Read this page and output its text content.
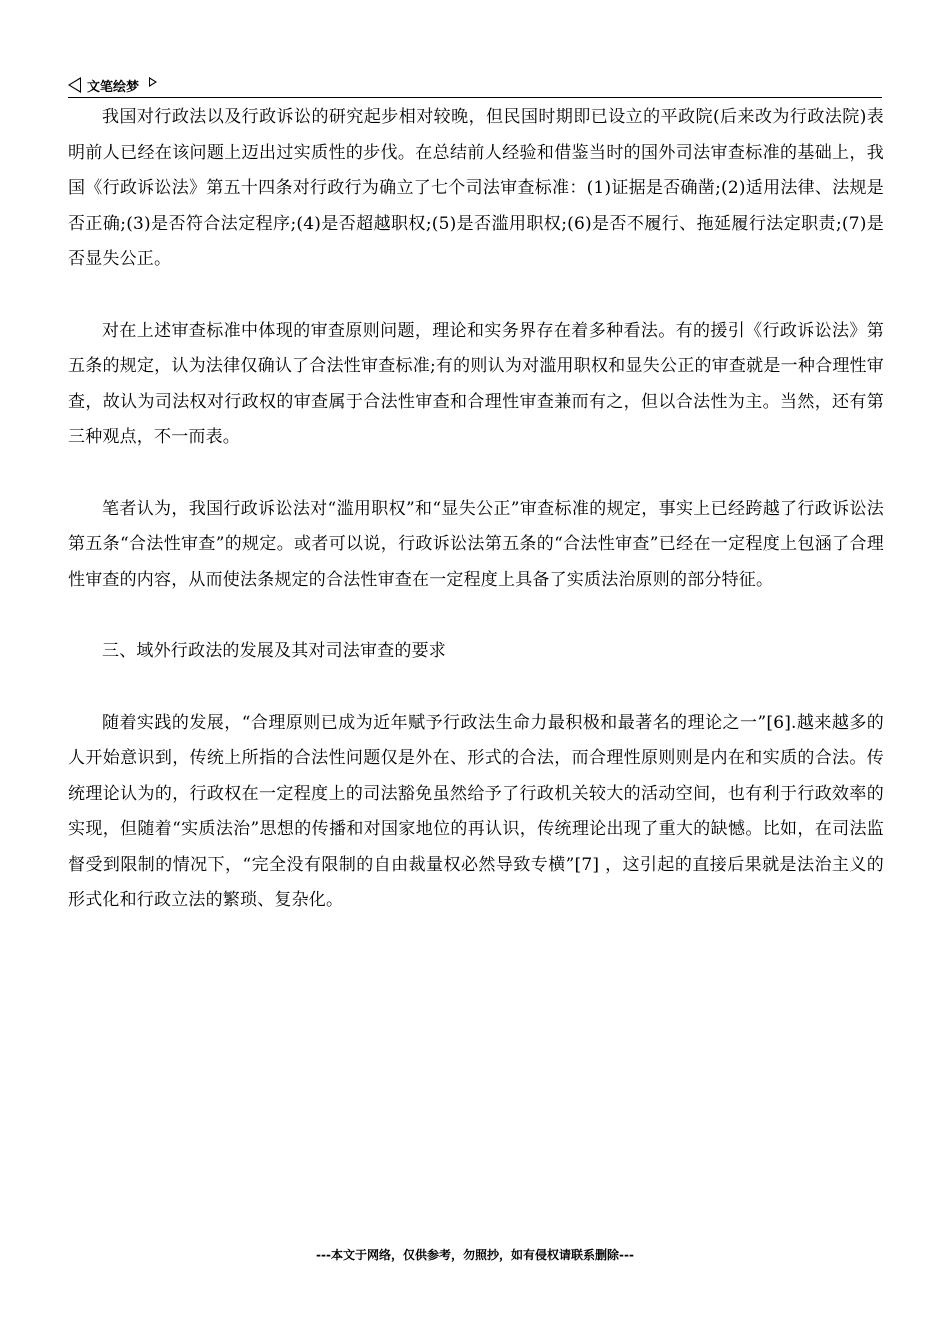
文笔绘梦

我国对行政法以及行政诉讼的研究起步相对较晚，但民国时期即已设立的平政院(后来改为行政法院)表明前人已经在该问题上迈出过实质性的步伐。在总结前人经验和借鉴当时的国外司法审查标准的基础上，我国《行政诉讼法》第五十四条对行政行为确立了七个司法审查标准：(1)证据是否确凿;(2)适用法律、法规是否正确;(3)是否符合法定程序;(4)是否超越职权;(5)是否滥用职权;(6)是否不履行、拖延履行法定职责;(7)是否显失公正。

对在上述审查标准中体现的审查原则问题，理论和实务界存在着多种看法。有的援引《行政诉讼法》第五条的规定，认为法律仅确认了合法性审查标准;有的则认为对滥用职权和显失公正的审查就是一种合理性审查，故认为司法权对行政权的审查属于合法性审查和合理性审查兼而有之，但以合法性为主。当然，还有第三种观点，不一而表。

笔者认为，我国行政诉讼法对“滥用职权”和“显失公正”审查标准的规定，事实上已经跨越了行政诉讼法第五条“合法性审查”的规定。或者可以说，行政诉讼法第五条的“合法性审查”已经在一定程度上包涵了合理性审查的内容，从而使法条规定的合法性审查在一定程度上具备了实质法治原则的部分特征。

三、域外行政法的发展及其对司法审查的要求

随着实践的发展，“合理原则已成为近年赋予行政法生命力最积极和最著名的理论之一”[6].越来越多的人开始意识到，传统上所指的合法性问题仅是外在、形式的合法，而合理性原则则是内在和实质的合法。传统理论认为的，行政权在一定程度上的司法豁免虽然给予了行政机关较大的活动空间，也有利于行政效率的实现，但随着“实质法治”思想的传播和对国家地位的再认识，传统理论出现了重大的缺憾。比如，在司法监督受到限制的情况下，“完全没有限制的自由裁量权必然导致专横”[7] ，这引起的直接后果就是法治主义的形式化和行政立法的繁琐、复杂化。

---本文于网络，仅供参考，勿照抄，如有侵权请联系删除---
